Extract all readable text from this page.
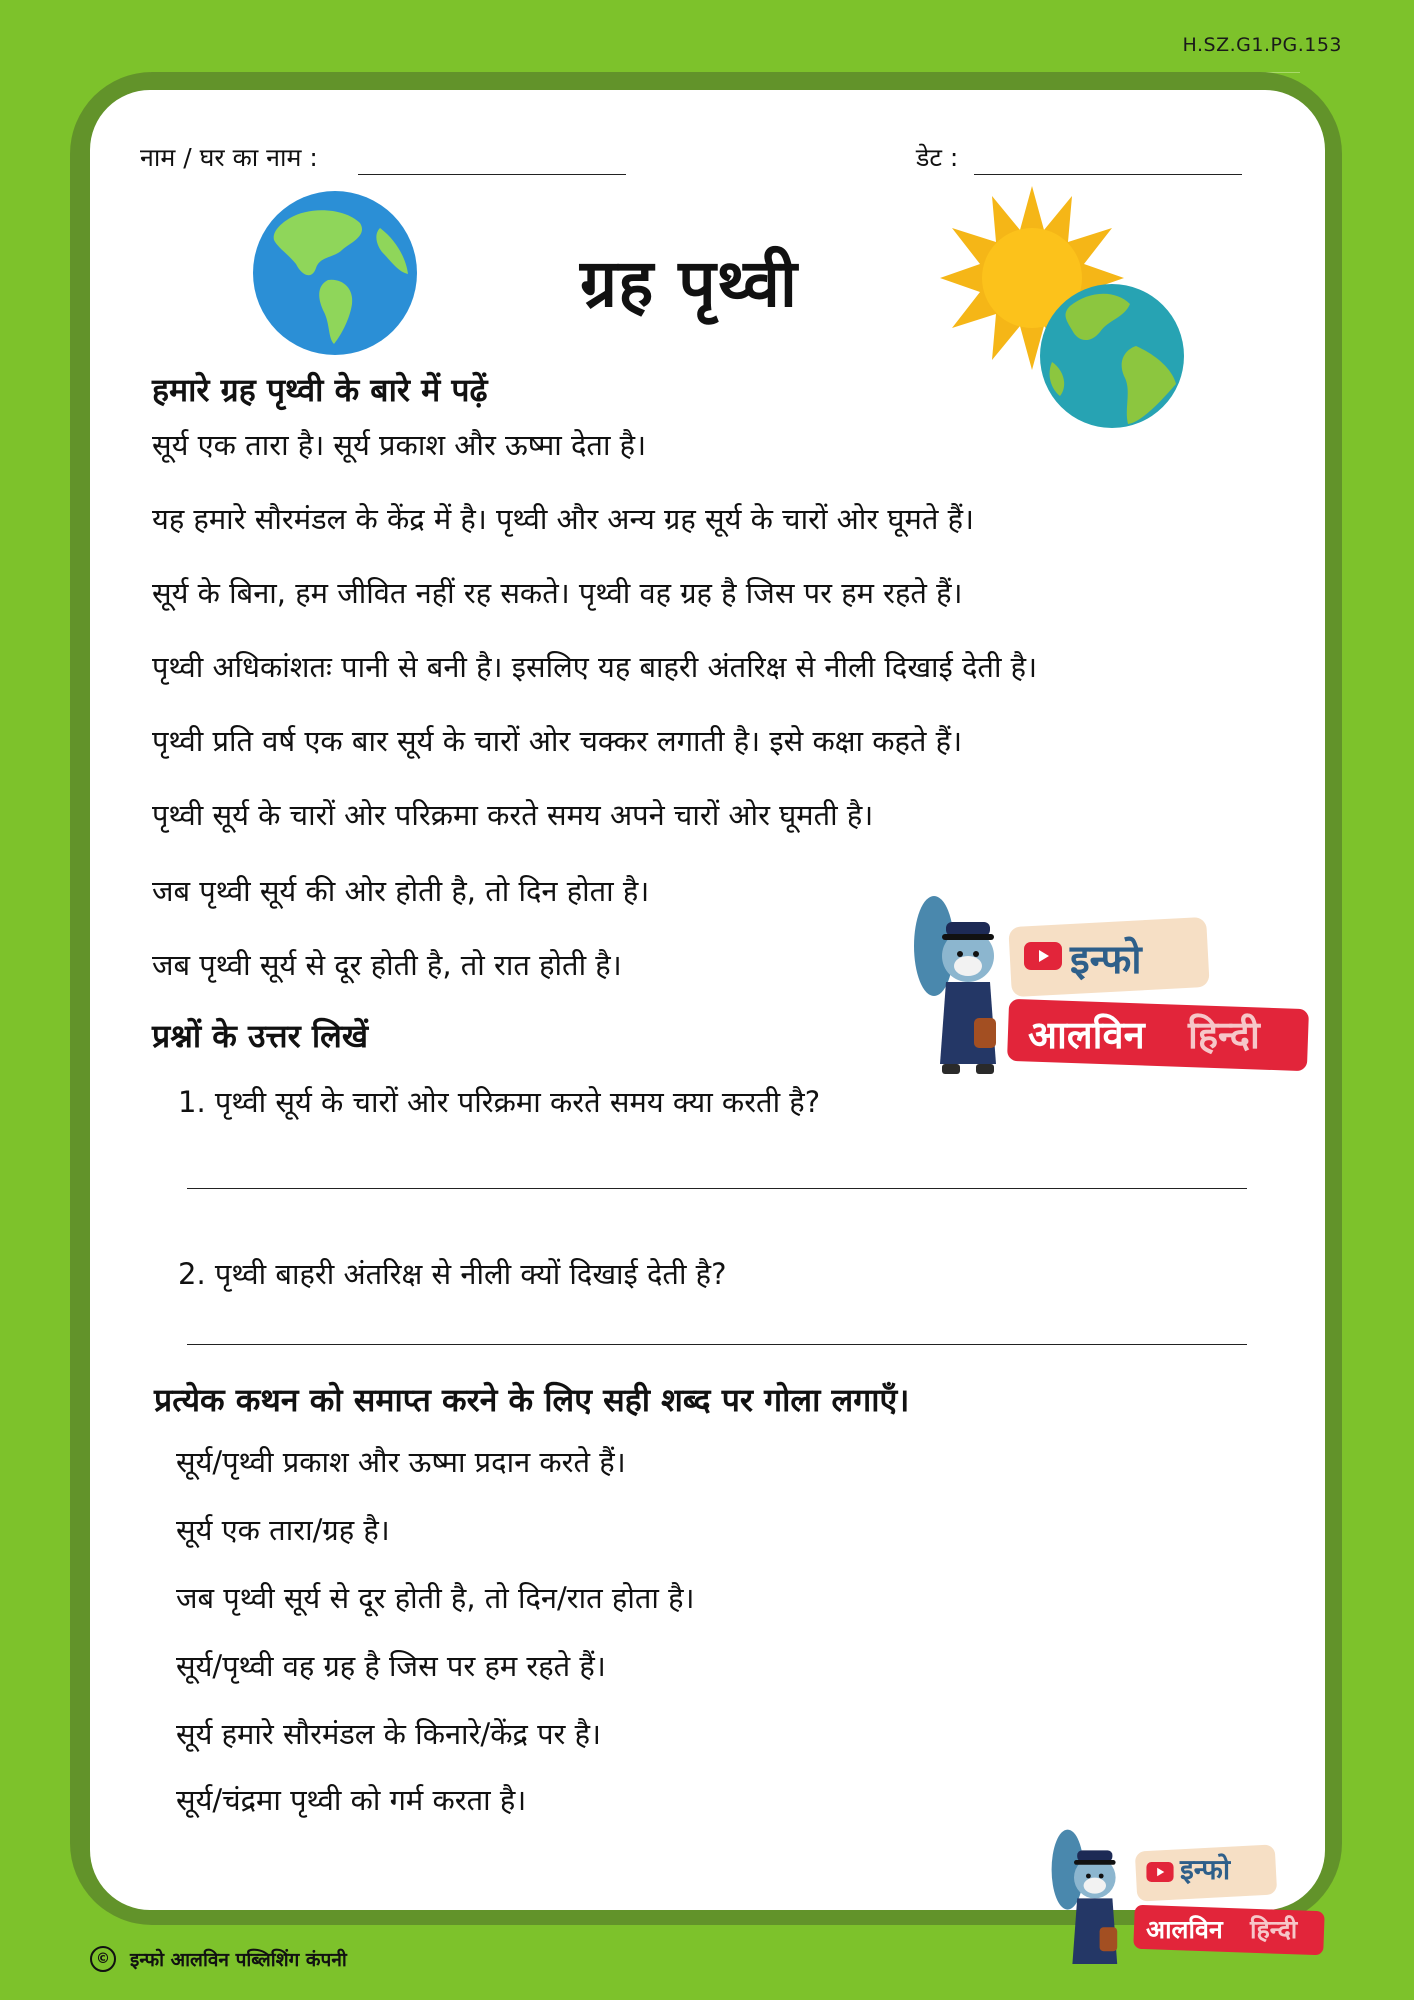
H.SZ.G1.PG.153
नाम / घर का नाम :	डेट :
ग्रह पृथ्वी
हमारे ग्रह पृथ्वी के बारे में पढ़ें
सूर्य एक तारा है। सूर्य प्रकाश और ऊष्मा देता है।
यह हमारे सौरमंडल के केंद्र में है। पृथ्वी और अन्य ग्रह सूर्य के चारों ओर घूमते हैं।
सूर्य के बिना, हम जीवित नहीं रह सकते। पृथ्वी वह ग्रह है जिस पर हम रहते हैं।
पृथ्वी अधिकांशतः पानी से बनी है। इसलिए यह बाहरी अंतरिक्ष से नीली दिखाई देती है।
पृथ्वी प्रति वर्ष एक बार सूर्य के चारों ओर चक्कर लगाती है। इसे कक्षा कहते हैं।
पृथ्वी सूर्य के चारों ओर परिक्रमा करते समय अपने चारों ओर घूमती है।
जब पृथ्वी सूर्य की ओर होती है, तो दिन होता है।
जब पृथ्वी सूर्य से दूर होती है, तो रात होती है।	इन्फो
आलविन हिन्दी
प्रश्नों के उत्तर लिखें
1. पृथ्वी सूर्य के चारों ओर परिक्रमा करते समय क्या करती है?
2. पृथ्वी बाहरी अंतरिक्ष से नीली क्यों दिखाई देती है?
प्रत्येक कथन को समाप्त करने के लिए सही शब्द पर गोला लगाएँ।
सूर्य/पृथ्वी प्रकाश और ऊष्मा प्रदान करते हैं।
सूर्य एक तारा/ग्रह है।
जब पृथ्वी सूर्य से दूर होती है, तो दिन/रात होता है।
सूर्य/पृथ्वी वह ग्रह है जिस पर हम रहते हैं।
सूर्य हमारे सौरमंडल के किनारे/केंद्र पर है।
सूर्य/चंद्रमा पृथ्वी को गर्म करता है।
इन्फो
आलविन हिन्दी
©	इन्फो आलविन पब्लिशिंग कंपनी
